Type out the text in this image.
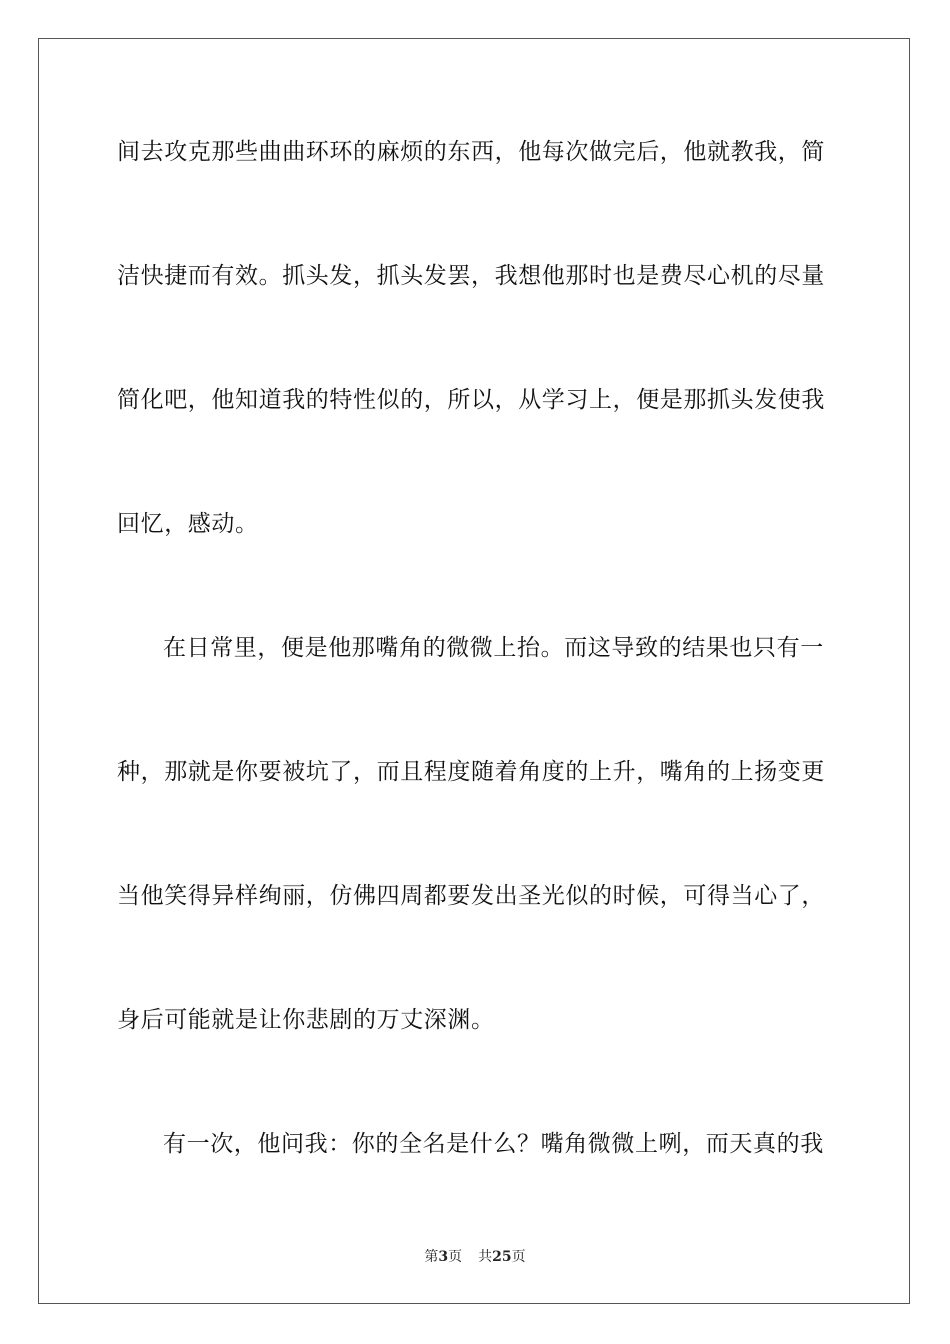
间去攻克那些曲曲环环的麻烦的东西，他每次做完后，他就教我，简
洁快捷而有效。抓头发，抓头发罢，我想他那时也是费尽心机的尽量
简化吧，他知道我的特性似的，所以，从学习上，便是那抓头发使我
回忆，感动。
在日常里，便是他那嘴角的微微上抬。而这导致的结果也只有一
种，那就是你要被坑了，而且程度随着角度的上升，嘴角的上扬变更
当他笑得异样绚丽，仿佛四周都要发出圣光似的时候，可得当心了，
身后可能就是让你悲剧的万丈深渊。
有一次，他问我：你的全名是什么？嘴角微微上咧，而天真的我
第3页 共25页
